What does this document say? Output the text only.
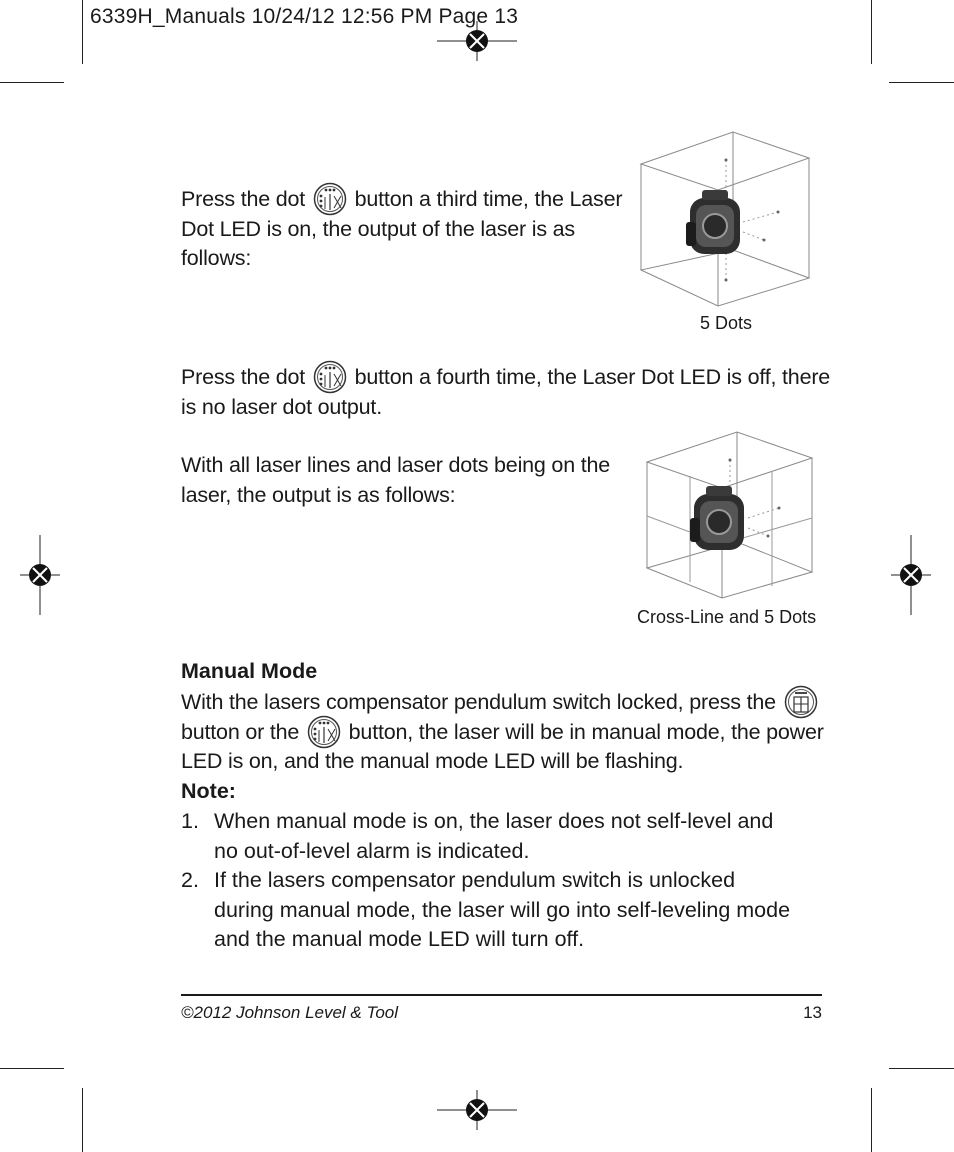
6339H_Manuals 10/24/12 12:56 PM Page 13
Press the dot  button a third time, the Laser
Dot LED is on, the output of the laser is as
follows:
5 Dots
Press the dot  button a fourth time, the Laser Dot LED is off, there
is no laser dot output.
With all laser lines and laser dots being on the
laser, the output is as follows:
Cross-Line and 5 Dots
Manual Mode
With the lasers compensator pendulum switch locked, press the
button or the  button, the laser will be in manual mode, the power
LED is on, and the manual mode LED will be flashing.
Note:
1. When manual mode is on, the laser does not self-level and no out-of-level alarm is indicated.
2. If the lasers compensator pendulum switch is unlocked during manual mode, the laser will go into self-leveling mode and the manual mode LED will turn off.
©2012 Johnson Level & Tool	13
